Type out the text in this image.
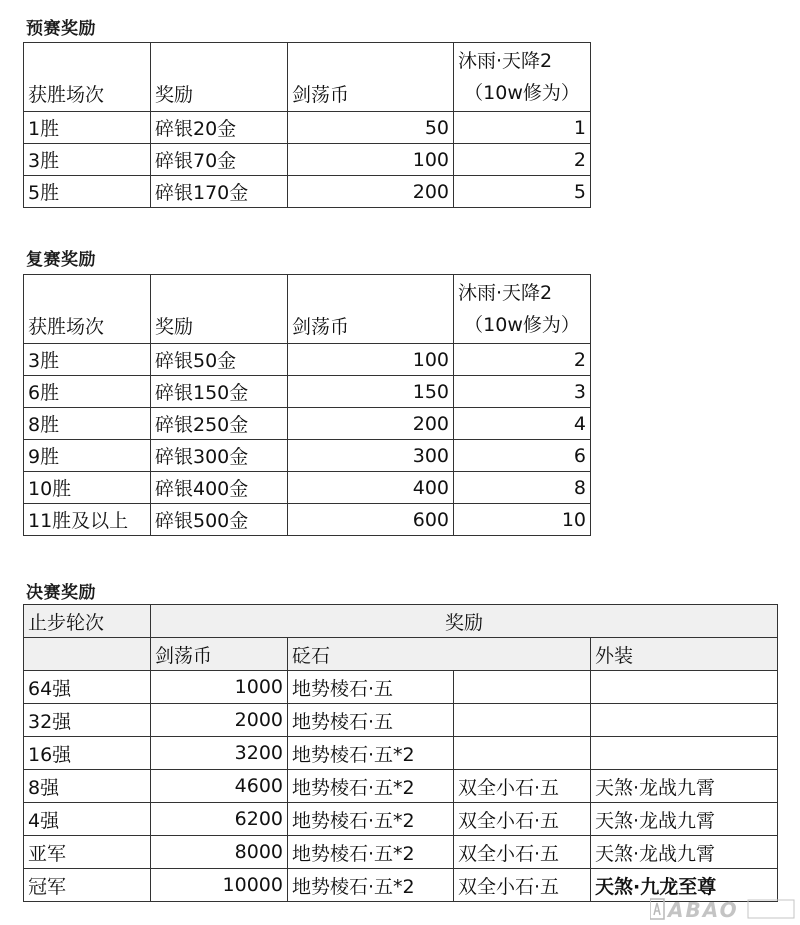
预赛奖励
获胜场次	奖励	剑荡币	沐雨·天降2
（10w修为）

1胜	碎银20金	50	1
3胜	碎银70金	100	2
5胜	碎银170金	200	5
复赛奖励
获胜场次	奖励	剑荡币	沐雨·天降2
（10w修为）

3胜	碎银50金	100	2
6胜	碎银150金	150	3
8胜	碎银250金	200	4
9胜	碎银300金	300	6
10胜	碎银400金	400	8
11胜及以上	碎银500金	600	10
决赛奖励
止步轮次	奖励			
	剑荡币	砭石		外装
64强	1000	地势棱石·五		
32强	2000	地势棱石·五		
16强	3200	地势棱石·五*2		
8强	4600	地势棱石·五*2	双全小石·五	天煞·龙战九霄
4强	6200	地势棱石·五*2	双全小石·五	天煞·龙战九霄
亚军	8000	地势棱石·五*2	双全小石·五	天煞·龙战九霄
冠军	10000	地势棱石·五*2	双全小石·五	天煞·九龙至尊
ABAO
